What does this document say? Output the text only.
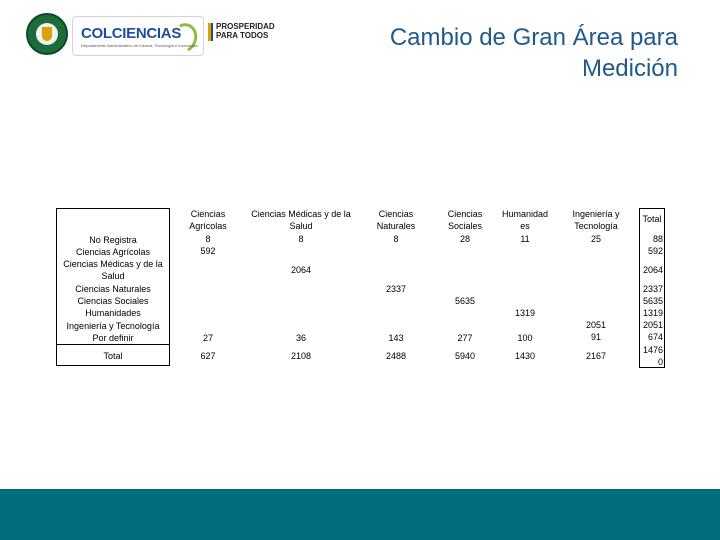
COLCIENCIAS
Departamento Administrativo de Ciencia, Tecnología e Innovación
PROSPERIDAD
PARA TODOS	Cambio de Gran Área para
Medición
No Registra
Ciencias Agrícolas
Ciencias Médicas y de la
Salud
Ciencias Naturales
Ciencias Sociales
Humanidades
Ingeniería y Tecnología
Por definir
Total
Ciencias
Agrícolas
8
592
27
627
Ciencias Médicas y de la
Salud
8
2064
36
2108
Ciencias
Naturales
8
2337
143
2488
Ciencias
Sociales
28
5635
277
5940
Humanidad
es
11
1319
100
1430
Ingeniería y
Tecnología
25
2051
91
2167
Total
88
592
2064
2337
5635
1319
2051
674
1476
0
